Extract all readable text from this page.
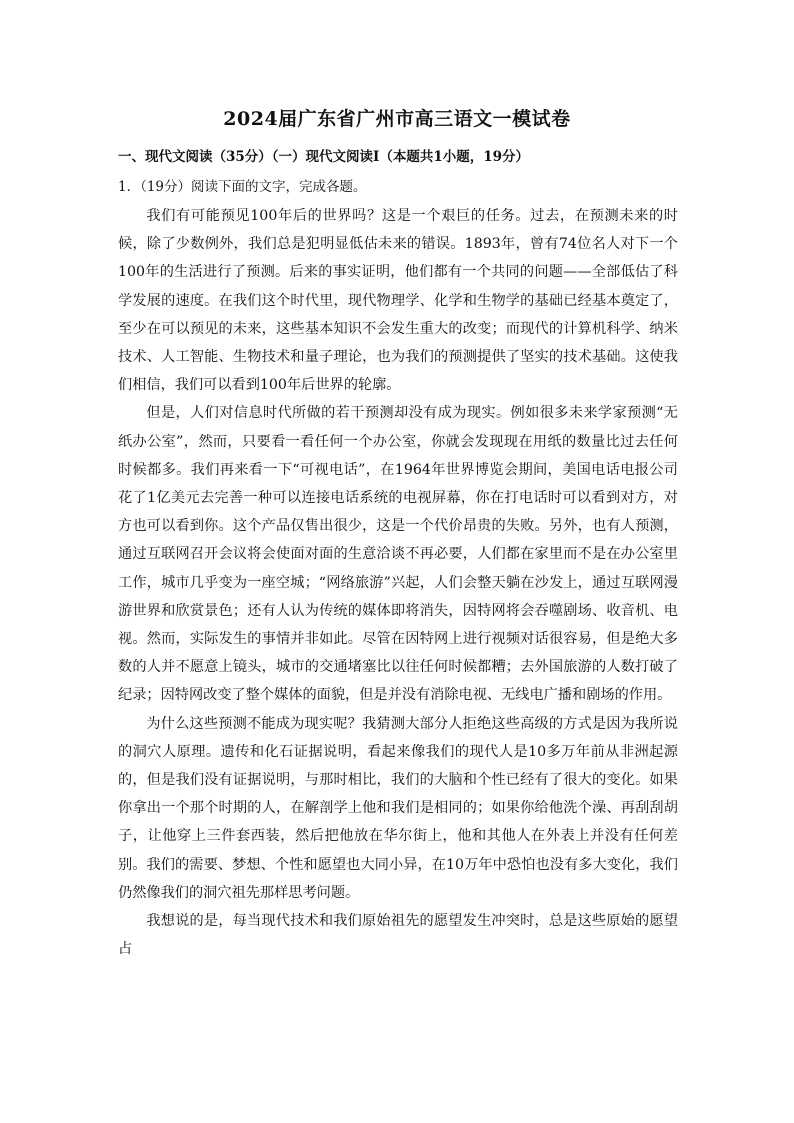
2024届广东省广州市高三语文一模试卷
一、现代文阅读（35分）（一）现代文阅读Ⅰ（本题共1小题，19分）
1．（19分）阅读下面的文字，完成各题。

我们有可能预见100年后的世界吗？这是一个艰巨的任务。过去，在预测未来的时候，除了少数例外，我们总是犯明显低估未来的错误。1893年，曾有74位名人对下一个100年的生活进行了预测。后来的事实证明，他们都有一个共同的问题——全部低估了科学发展的速度。在我们这个时代里，现代物理学、化学和生物学的基础已经基本奠定了，至少在可以预见的未来，这些基本知识不会发生重大的改变；而现代的计算机科学、纳米技术、人工智能、生物技术和量子理论，也为我们的预测提供了坚实的技术基础。这使我们相信，我们可以看到100年后世界的轮廓。

但是，人们对信息时代所做的若干预测却没有成为现实。例如很多未来学家预测“无纸办公室”，然而，只要看一看任何一个办公室，你就会发现现在用纸的数量比过去任何时候都多。我们再来看一下“可视电话”，在1964年世界博览会期间，美国电话电报公司花了1亿美元去完善一种可以连接电话系统的电视屏幕，你在打电话时可以看到对方，对方也可以看到你。这个产品仅售出很少，这是一个代价昂贵的失败。另外，也有人预测，通过互联网召开会议将会使面对面的生意洽谈不再必要，人们都在家里而不是在办公室里工作，城市几乎变为一座空城；“网络旅游”兴起，人们会整天躺在沙发上，通过互联网漫游世界和欣赏景色；还有人认为传统的媒体即将消失，因特网将会吞噬剧场、收音机、电视。然而，实际发生的事情并非如此。尽管在因特网上进行视频对话很容易，但是绝大多数的人并不愿意上镜头，城市的交通堵塞比以往任何时候都糟；去外国旅游的人数打破了纪录；因特网改变了整个媒体的面貌，但是并没有消除电视、无线电广播和剧场的作用。

为什么这些预测不能成为现实呢？我猜测大部分人拒绝这些高级的方式是因为我所说的洞穴人原理。遗传和化石证据说明，看起来像我们的现代人是10多万年前从非洲起源的，但是我们没有证据说明，与那时相比，我们的大脑和个性已经有了很大的变化。如果你拿出一个那个时期的人，在解剖学上他和我们是相同的；如果你给他洗个澡、再刮刮胡子，让他穿上三件套西装，然后把他放在华尔街上，他和其他人在外表上并没有任何差别。我们的需要、梦想、个性和愿望也大同小异，在10万年中恐怕也没有多大变化，我们仍然像我们的洞穴祖先那样思考问题。

我想说的是，每当现代技术和我们原始祖先的愿望发生冲突时，总是这些原始的愿望占
